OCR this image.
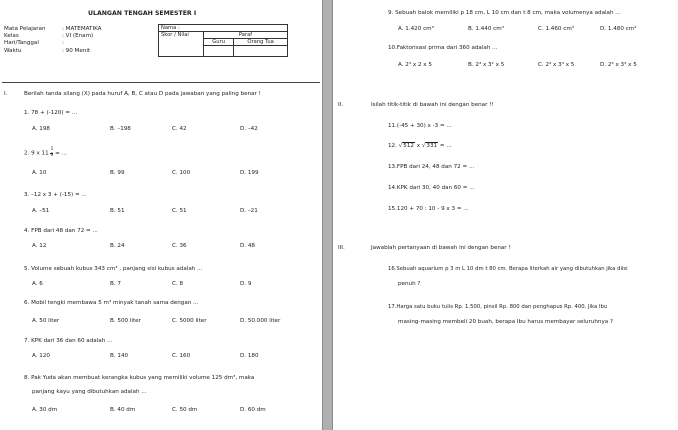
ULANGAN TENGAH SEMESTER I
Mata Pelajaran	: MATEMATIKA
Kelas	: VI (Enam)
Hari/Tanggal	:
Waktu	: 90 Menit
Nama :		
Skor / Nilai	Paraf	
	Guru	Orang Tua

I.	Berilah tanda silang (X) pada huruf A, B, C atau D pada jawaban yang paling benar !
1. 78 + (-120) = ...
A. 198	B. –198	C. 42	D. –42
2. 9 x $11 \frac{1}{9}$ = ...
A. 10	B. 99	C. 100	D. 199
3. –12 x 3 + (-15) = ...
A. –51	B. 51	C. 51	D. –21
4. FPB dari 48 dan 72 = ...
A. 12	B. 24	C. 36	D. 48
5. Volume sebuah kubus 343 cm³ , panjang sisi kubus adalah ...
A. 6	B. 7	C. 8	D. 9
6. Mobil tengki membawa 5 m³ minyak tanah sama dengan ...
A. 50 liter	B. 500 liter	C. 5000 liter	D. 50.000 liter
7. KPK dari 36 dan 60 adalah ...
A. 120	B. 140	C. 160	D. 180
8. Pak Yuda akan membuat kerangka kubus yang memiliki volume 125 dm³, maka
panjang kayu yang dibutuhkan adalah ...
A. 30 dm	B. 40 dm	C. 50 dm	D. 60 dm
9. Sebuah balok memiliki p 18 cm, L 10 cm dan t 8 cm, maka volumenya adalah ...
A. 1.420 cm³	B. 1.440 cm³	C. 1.460 cm³	D. 1.480 cm³
10.Faktorisasi prima dari 360 adalah ...
A. 2³ x 2 x 5	B. 2³ x 3² x 5	C. 2³ x 3³ x 5	D. 2³ x 3³ x 5
II.	Isilah titik-titik di bawah ini dengan benar !!
11.(-45 + 30) x -3 = ...
12. √512 x √331 = ...
13.FPB dari 24, 48 dan 72 = ...
14.KPK dari 30, 40 dan 60 = ...
15.120 + 70 : 10 - 9 x 3 = ...
III.	Jawablah pertanyaan di bawah ini dengan benar !
16.Sebuah aquarium p 3 m L 10 dm t 80 cm. Berapa literkah air yang dibutuhkan jika diisi
penuh ?
17.Harga satu buku tulis Rp. 1.500, pinsil Rp. 800 dan penghapus Rp. 400. Jika Ibu
masing-masing membeli 20 buah, berapa Ibu harus membayar seluruhnya ?
